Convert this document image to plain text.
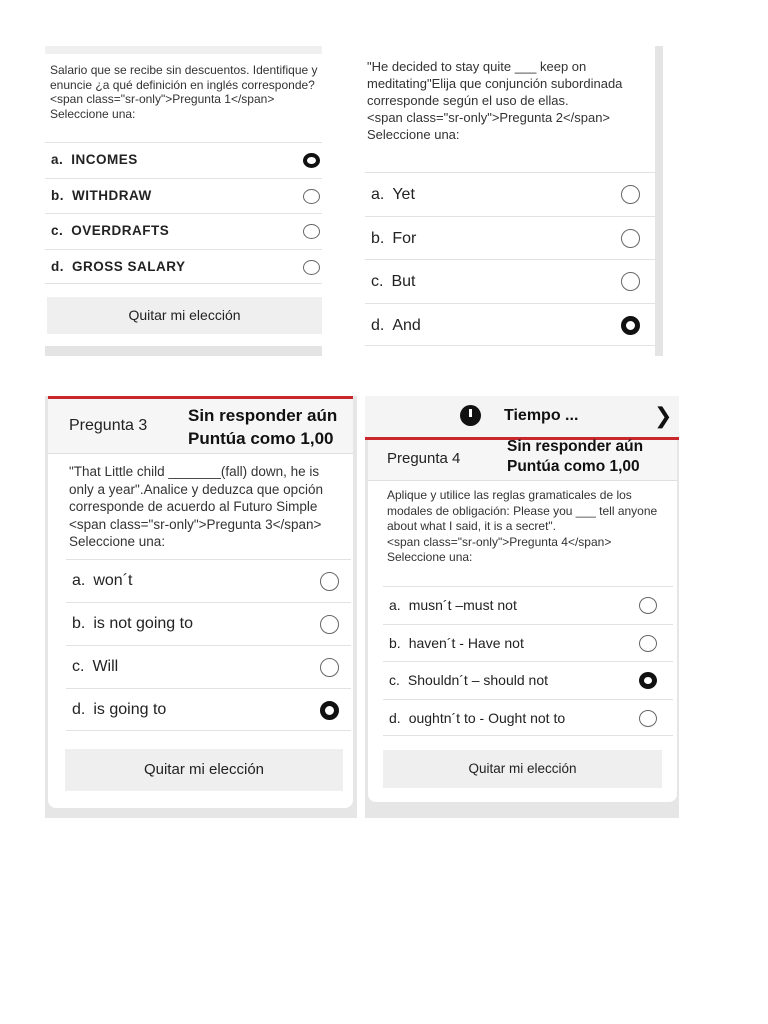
Salario que se recibe sin descuentos. Identifique y enuncie ¿a qué definición en inglés corresponde?
<span class="sr-only">Pregunta 1</span>
Seleccione una:
a. INCOMES
b. WITHDRAW
c. OVERDRAFTS
d. GROSS SALARY
Quitar mi elección
"He decided to stay quite ___ keep on meditating"Elija que conjunción subordinada corresponde según el uso de ellas.
<span class="sr-only">Pregunta 2</span> Seleccione una:
a. Yet
b. For
c. But
d. And
Pregunta 3
Sin responder aún
Puntúa como 1,00
"That Little child _______(fall) down, he is only a year".Analice y deduzca que opción corresponde de acuerdo al Futuro Simple
<span class="sr-only">Pregunta 3</span> Seleccione una:
a. won´t
b. is not going to
c. Will
d. is going to
Quitar mi elección
Tiempo ...	❯
Pregunta 4
Sin responder aún
Puntúa como 1,00
Aplique y utilice las reglas gramaticales de los modales de obligación: Please you ___ tell anyone about what I said, it is a secret".
<span class="sr-only">Pregunta 4</span> Seleccione una:
a. musn´t –must not
b. haven´t - Have not
c. Shouldn´t – should not
d. oughtn´t to - Ought not to
Quitar mi elección
